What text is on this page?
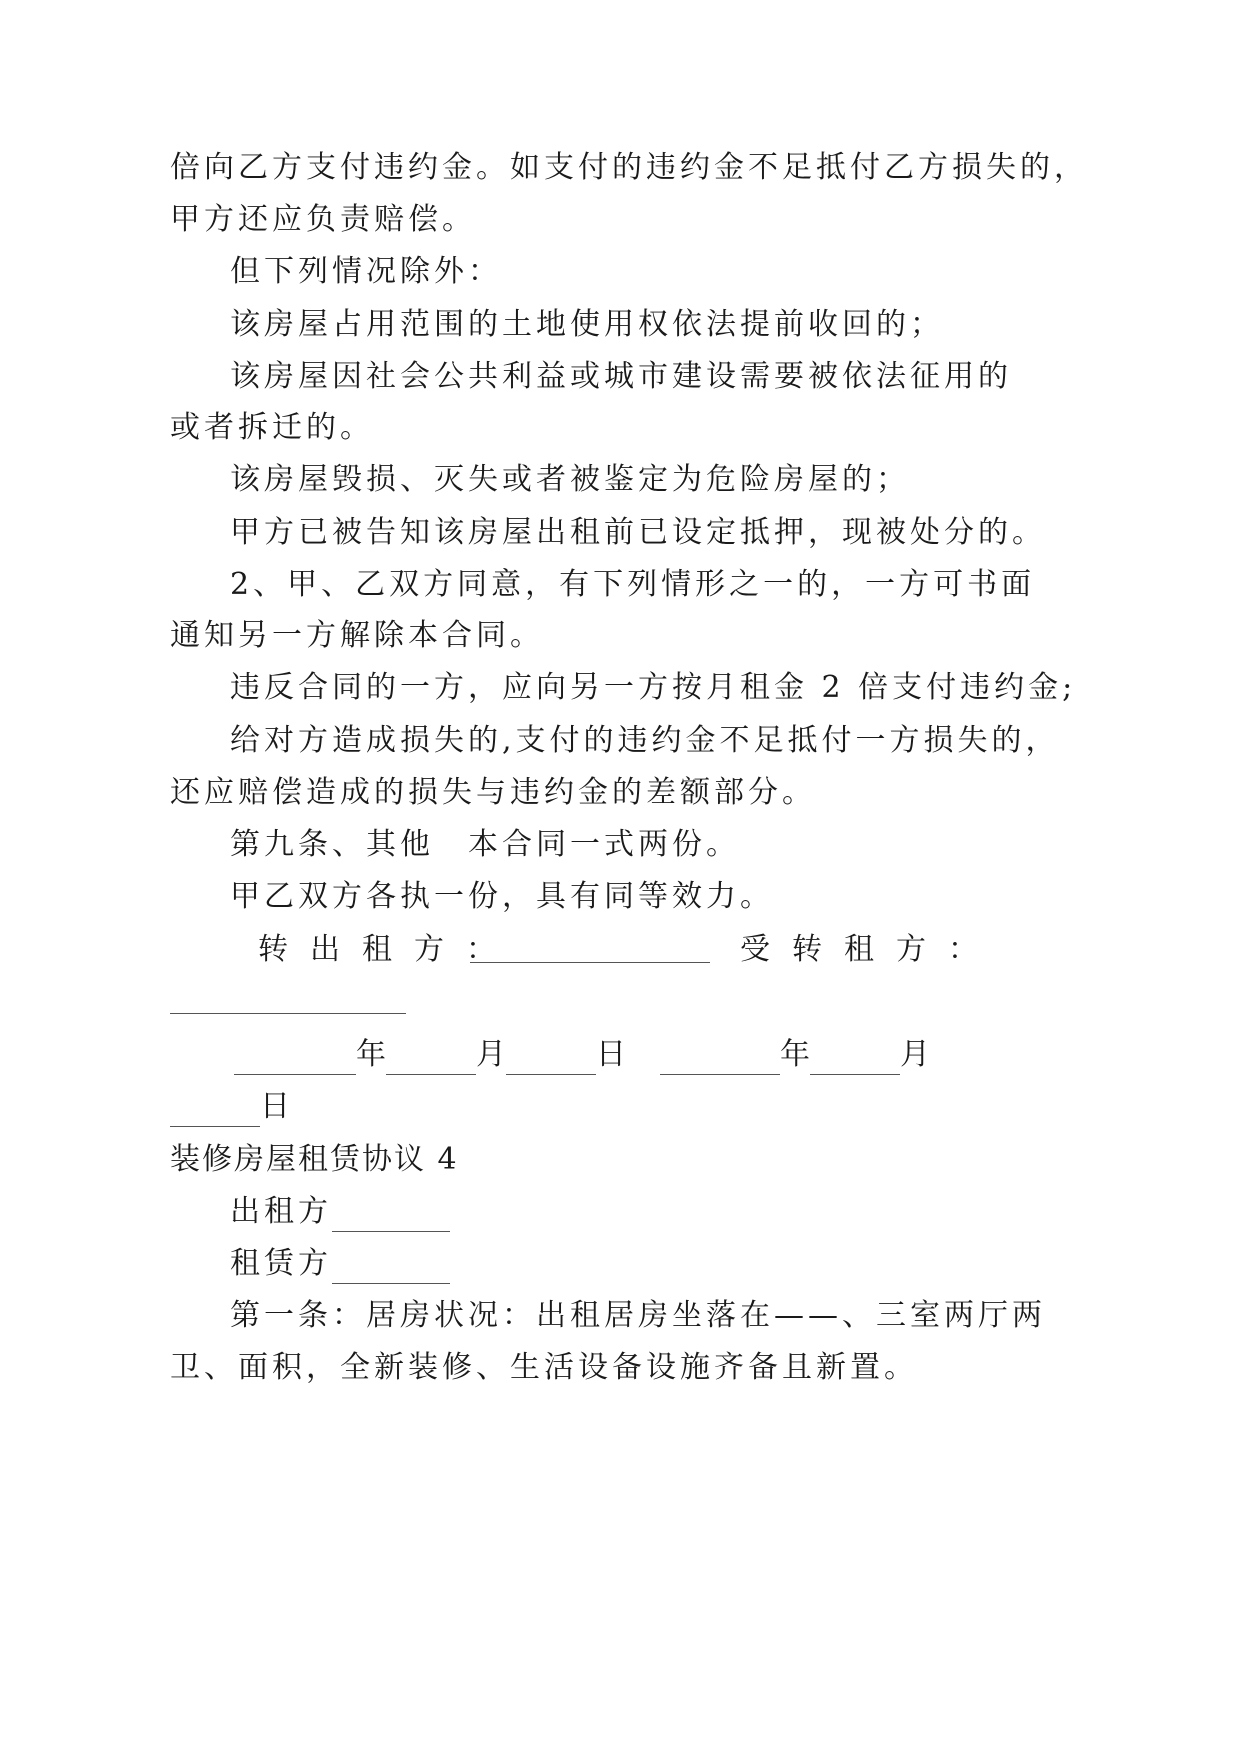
倍向乙方支付违约金。如支付的违约金不足抵付乙方损失的，
甲方还应负责赔偿。
但下列情况除外：
该房屋占用范围的土地使用权依法提前收回的；
该房屋因社会公共利益或城市建设需要被依法征用的
或者拆迁的。
该房屋毁损、灭失或者被鉴定为危险房屋的；
甲方已被告知该房屋出租前已设定抵押，现被处分的。
2、甲、乙双方同意，有下列情形之一的，一方可书面
通知另一方解除本合同。
违反合同的一方，应向另一方按月租金 2 倍支付违约金;
给对方造成损失的,支付的违约金不足抵付一方损失的，
还应赔偿造成的损失与违约金的差额部分。
第九条、其他　本合同一式两份。
甲乙双方各执一份，具有同等效力。
转出租方：	受转租方：
年	月	日	年	月
日
装修房屋租赁协议 4
出租方
租赁方
第一条：居房状况：出租居房坐落在——、三室两厅两
卫、面积，全新装修、生活设备设施齐备且新置。
